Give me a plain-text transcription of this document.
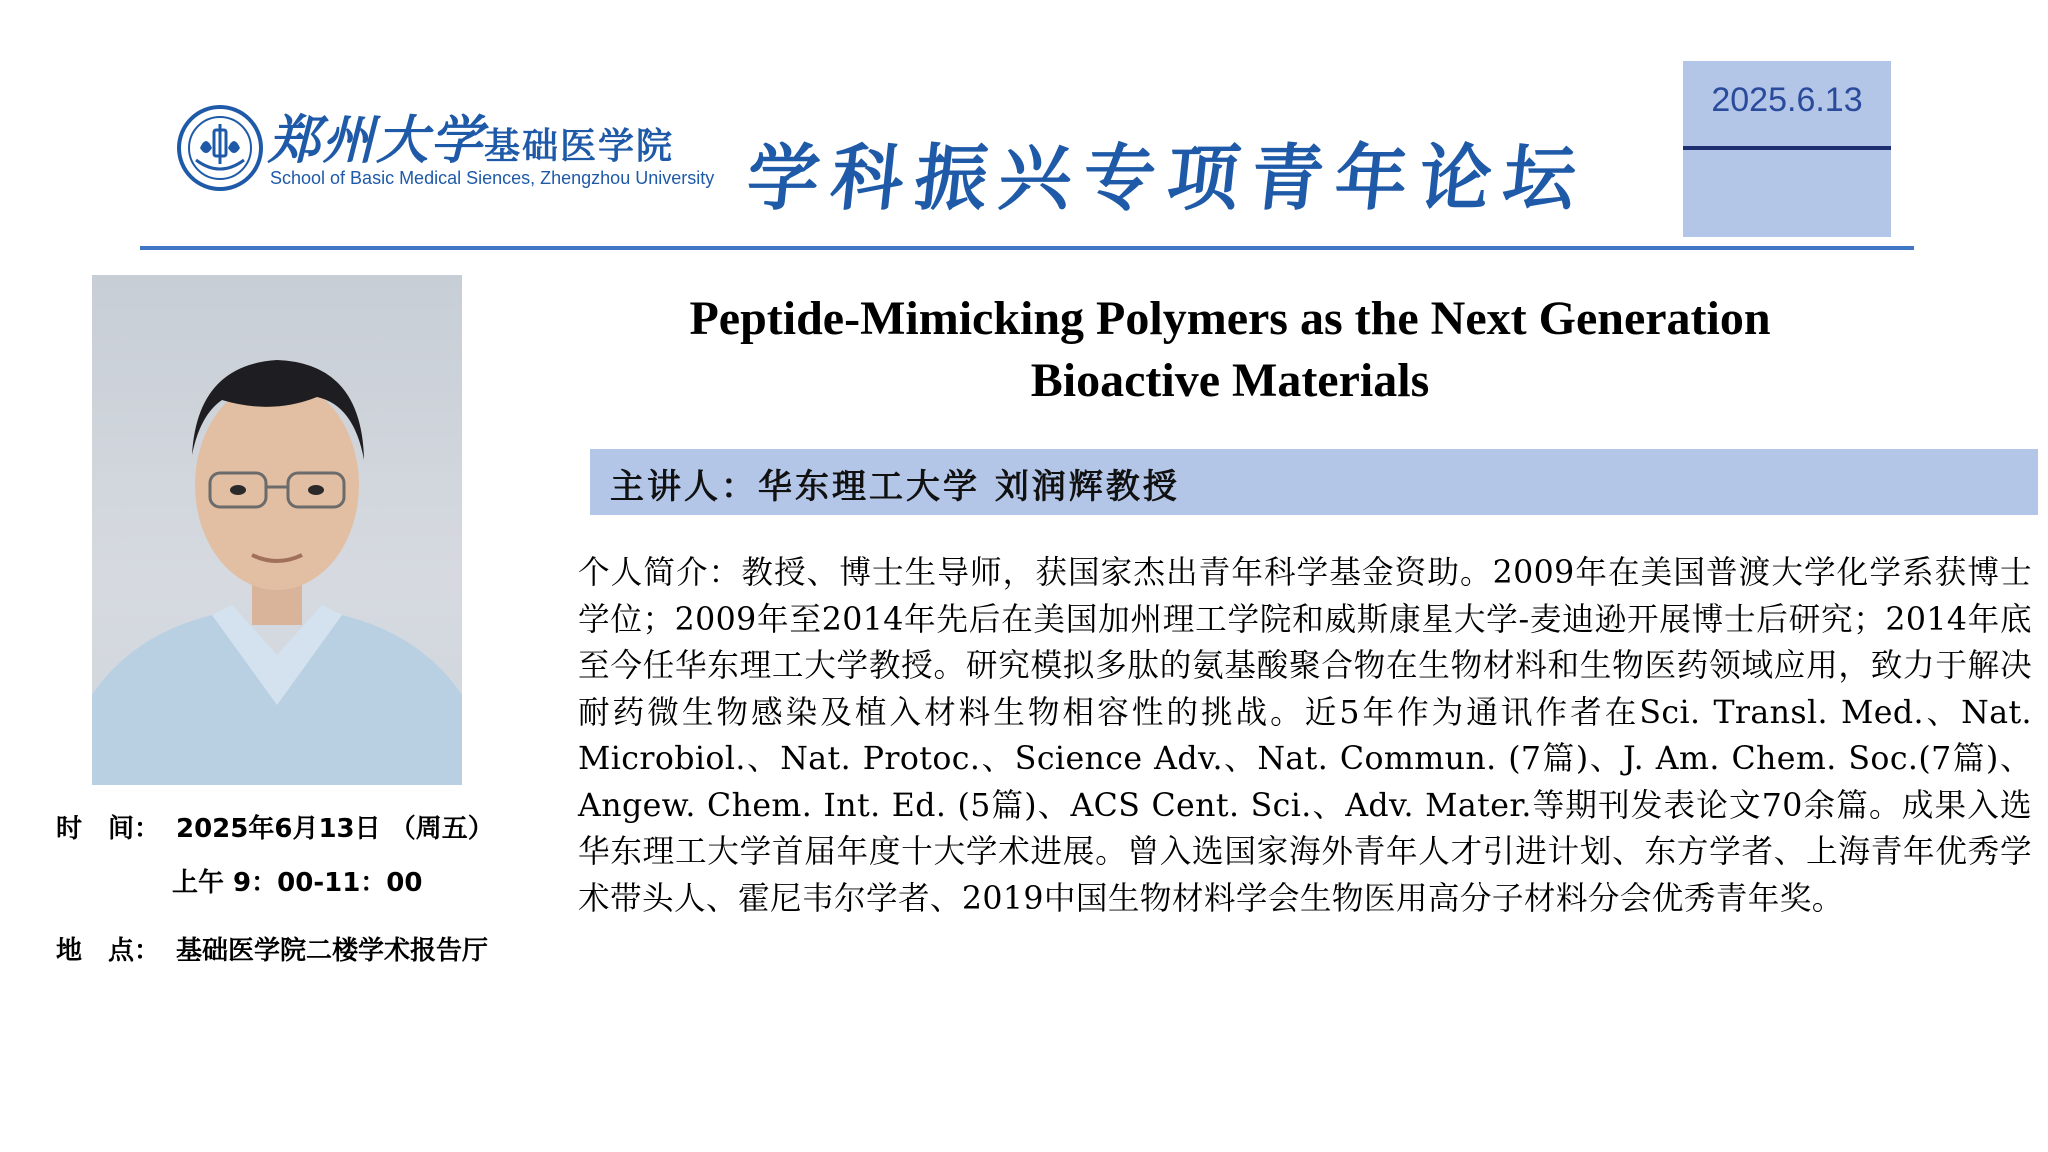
郑州大学基础医学院
School of Basic Medical Siences, Zhengzhou University 学科振兴专项青年论坛
2025.6.13
Peptide-Mimicking Polymers as the Next Generation
Bioactive Materials
主讲人：华东理工大学 刘润辉教授
个人简介：教授、博士生导师，获国家杰出青年科学基金资助。2009年在美国普渡大学化学系获博士学位；2009年至2014年先后在美国加州理工学院和威斯康星大学-麦迪逊开展博士后研究；2014年底至今任华东理工大学教授。研究模拟多肽的氨基酸聚合物在生物材料和生物医药领域应用，致力于解决耐药微生物感染及植入材料生物相容性的挑战。近5年作为通讯作者在Sci. Transl. Med.、Nat. Microbiol.、Nat. Protoc.、Science Adv.、Nat. Commun. (7篇)、J. Am. Chem. Soc.(7篇)、Angew. Chem. Int. Ed. (5篇)、ACS Cent. Sci.、Adv. Mater.等期刊发表论文70余篇。成果入选华东理工大学首届年度十大学术进展。曾入选国家海外青年人才引进计划、东方学者、上海青年优秀学术带头人、霍尼韦尔学者、2019中国生物材料学会生物医用高分子材料分会优秀青年奖。
时　间： 2025年6月13日 （周五）
上午 9：00-11：00
地　点： 基础医学院二楼学术报告厅
